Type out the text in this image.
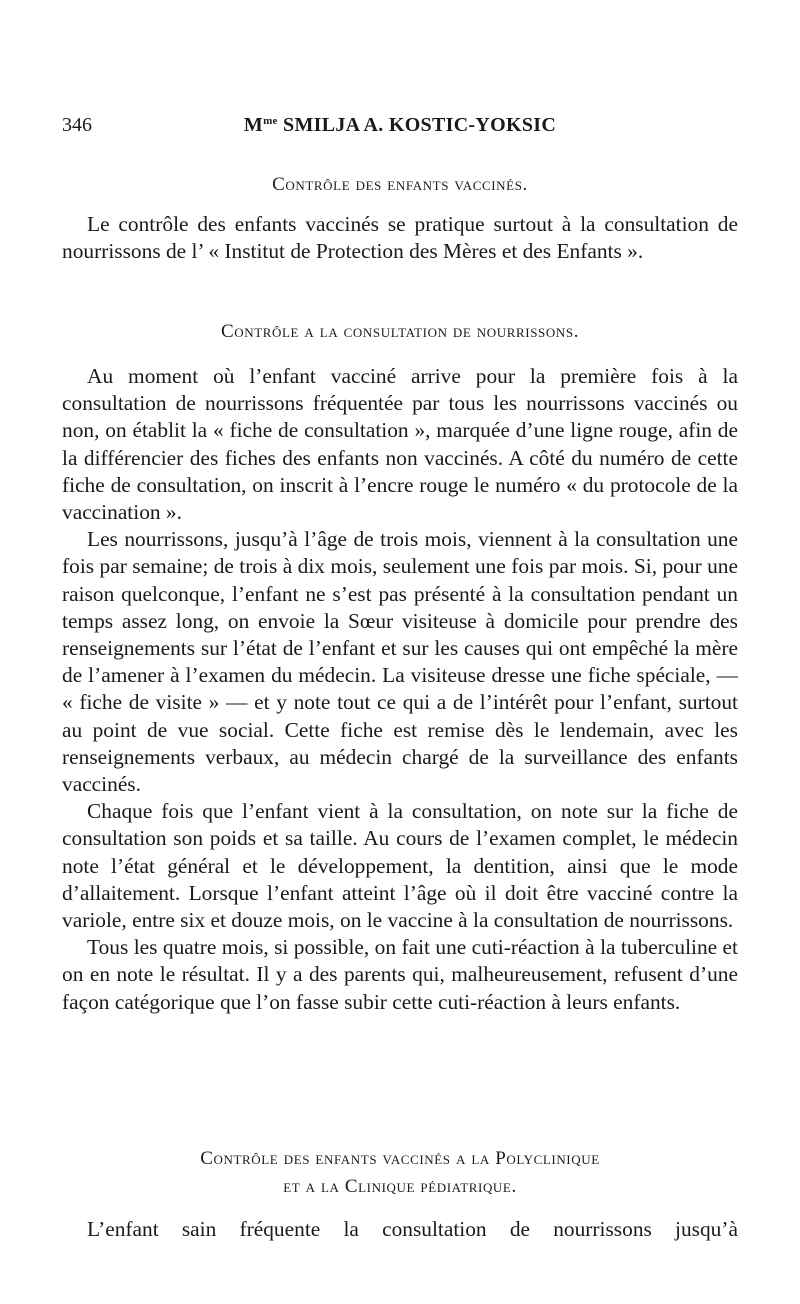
346	$M^{me}$ SMILJA A. KOSTIC-YOKSIC
Contrôle des enfants vaccinés.

Le contrôle des enfants vaccinés se pratique surtout à la consultation de nourrissons de l’ « Institut de Protection des Mères et des Enfants ».

Contrôle a la consultation de nourrissons.

Au moment où l’enfant vacciné arrive pour la première fois à la consultation de nourrissons fréquentée par tous les nourrissons vaccinés ou non, on établit la « fiche de consultation », marquée d’une ligne rouge, afin de la différencier des fiches des enfants non vaccinés. A côté du numéro de cette fiche de consultation, on inscrit à l’encre rouge le numéro « du protocole de la vaccination ».

Les nourrissons, jusqu’à l’âge de trois mois, viennent à la consultation une fois par semaine; de trois à dix mois, seulement une fois par mois. Si, pour une raison quelconque, l’enfant ne s’est pas présenté à la consultation pendant un temps assez long, on envoie la Sœur visiteuse à domicile pour prendre des renseignements sur l’état de l’enfant et sur les causes qui ont empêché la mère de l’amener à l’examen du médecin. La visiteuse dresse une fiche spéciale, — « fiche de visite » — et y note tout ce qui a de l’intérêt pour l’enfant, surtout au point de vue social. Cette fiche est remise dès le lendemain, avec les renseignements verbaux, au médecin chargé de la surveillance des enfants vaccinés.

Chaque fois que l’enfant vient à la consultation, on note sur la fiche de consultation son poids et sa taille. Au cours de l’examen complet, le médecin note l’état général et le développement, la dentition, ainsi que le mode d’allaitement. Lorsque l’enfant atteint l’âge où il doit être vacciné contre la variole, entre six et douze mois, on le vaccine à la consultation de nourrissons.

Tous les quatre mois, si possible, on fait une cuti-réaction à la tuberculine et on en note le résultat. Il y a des parents qui, malheureusement, refusent d’une façon catégorique que l’on fasse subir cette cuti-réaction à leurs enfants.

Contrôle des enfants vaccinés a la Polyclinique
et a la Clinique pédiatrique.

L’enfant sain fréquente la consultation de nourrissons jusqu’à
